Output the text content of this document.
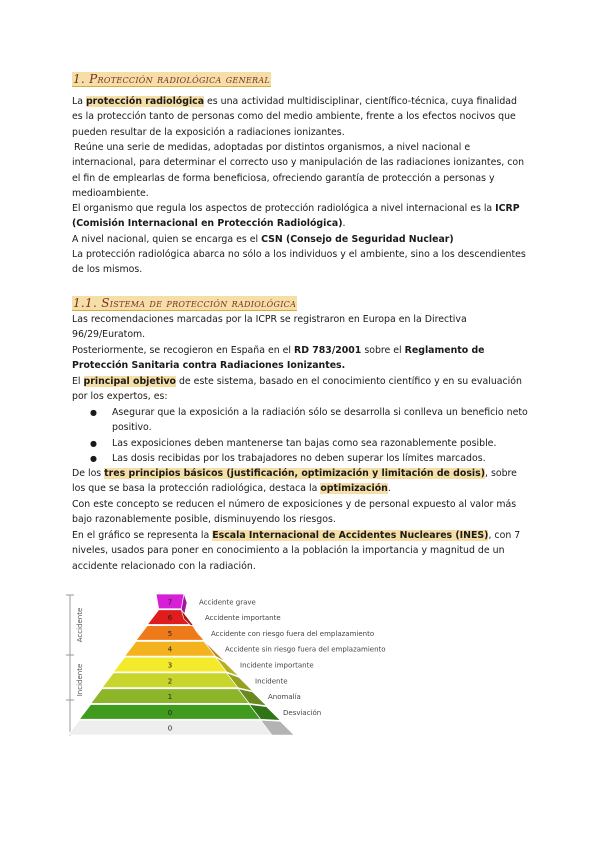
1. Protección radiológica general

La protección radiológica es una actividad multidisciplinar, científico-técnica, cuya finalidad es la protección tanto de personas como del medio ambiente, frente a los efectos nocivos que pueden resultar de la exposición a radiaciones ionizantes.

Reúne una serie de medidas, adoptadas por distintos organismos, a nivel nacional e internacional, para determinar el correcto uso y manipulación de las radiaciones ionizantes, con el fin de emplearlas de forma beneficiosa, ofreciendo garantía de protección a personas y medioambiente.

El organismo que regula los aspectos de protección radiológica a nivel internacional es la ICRP (Comisión Internacional en Protección Radiológica).

A nivel nacional, quien se encarga es el CSN (Consejo de Seguridad Nuclear)

La protección radiológica abarca no sólo a los individuos y el ambiente, sino a los descendientes de los mismos.

1.1. Sistema de protección radiológica

Las recomendaciones marcadas por la ICPR se registraron en Europa en la Directiva 96/29/Euratom.

Posteriormente, se recogieron en España en el RD 783/2001 sobre el Reglamento de Protección Sanitaria contra Radiaciones Ionizantes.

El principal objetivo de este sistema, basado en el conocimiento científico y en su evaluación por los expertos, es:

● Asegurar que la exposición a la radiación sólo se desarrolla si conlleva un beneficio neto positivo.
● Las exposiciones deben mantenerse tan bajas como sea razonablemente posible.
● Las dosis recibidas por los trabajadores no deben superar los límites marcados.

De los tres principios básicos (justificación, optimización y limitación de dosis), sobre los que se basa la protección radiológica, destaca la optimización.

Con este concepto se reducen el número de exposiciones y de personal expuesto al valor más bajo razonablemente posible, disminuyendo los riesgos.

En el gráfico se representa la Escala Internacional de Accidentes Nucleares (INES), con 7 niveles, usados para poner en conocimiento a la población la importancia y magnitud de un accidente relacionado con la radiación.

Accidente
Incidente
7	Accidente grave
6	Accidente importante
5	Accidente con riesgo fuera del emplazamiento
4	Accidente sin riesgo fuera del emplazamiento
3	Incidente importante
2	Incidente
1	Anomalía
0	Desviación
0
